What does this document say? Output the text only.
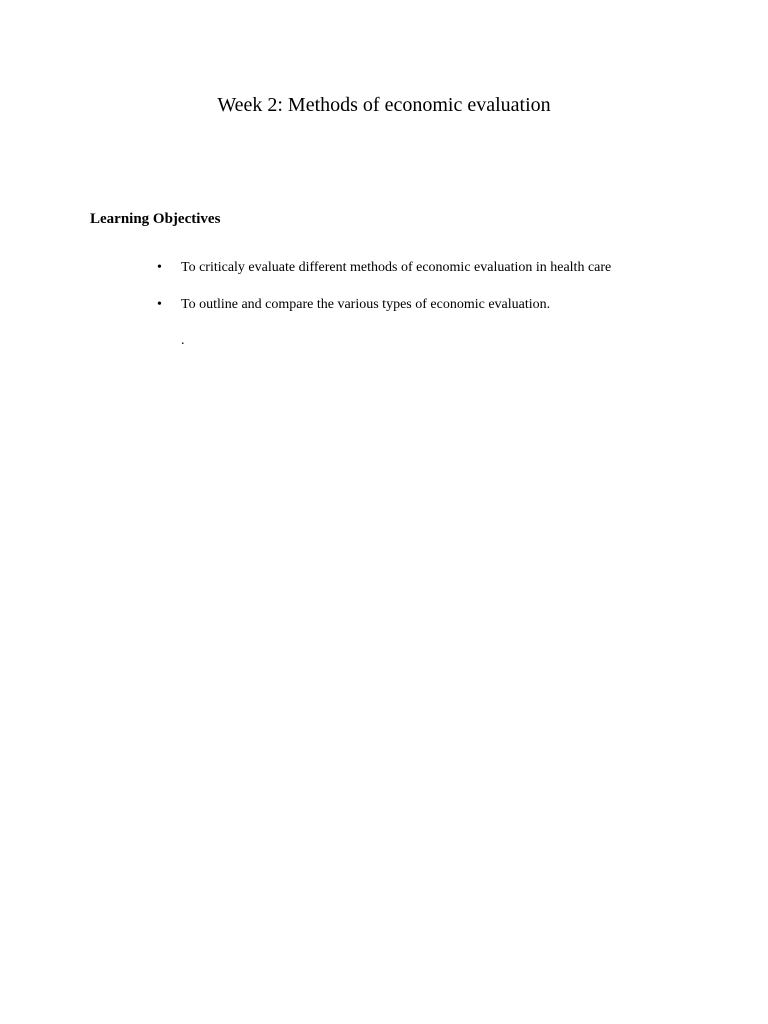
Week 2: Methods of economic evaluation
Learning Objectives
•	To criticaly evaluate different methods of economic evaluation in health care
•	To outline and compare the various types of economic evaluation.
.
